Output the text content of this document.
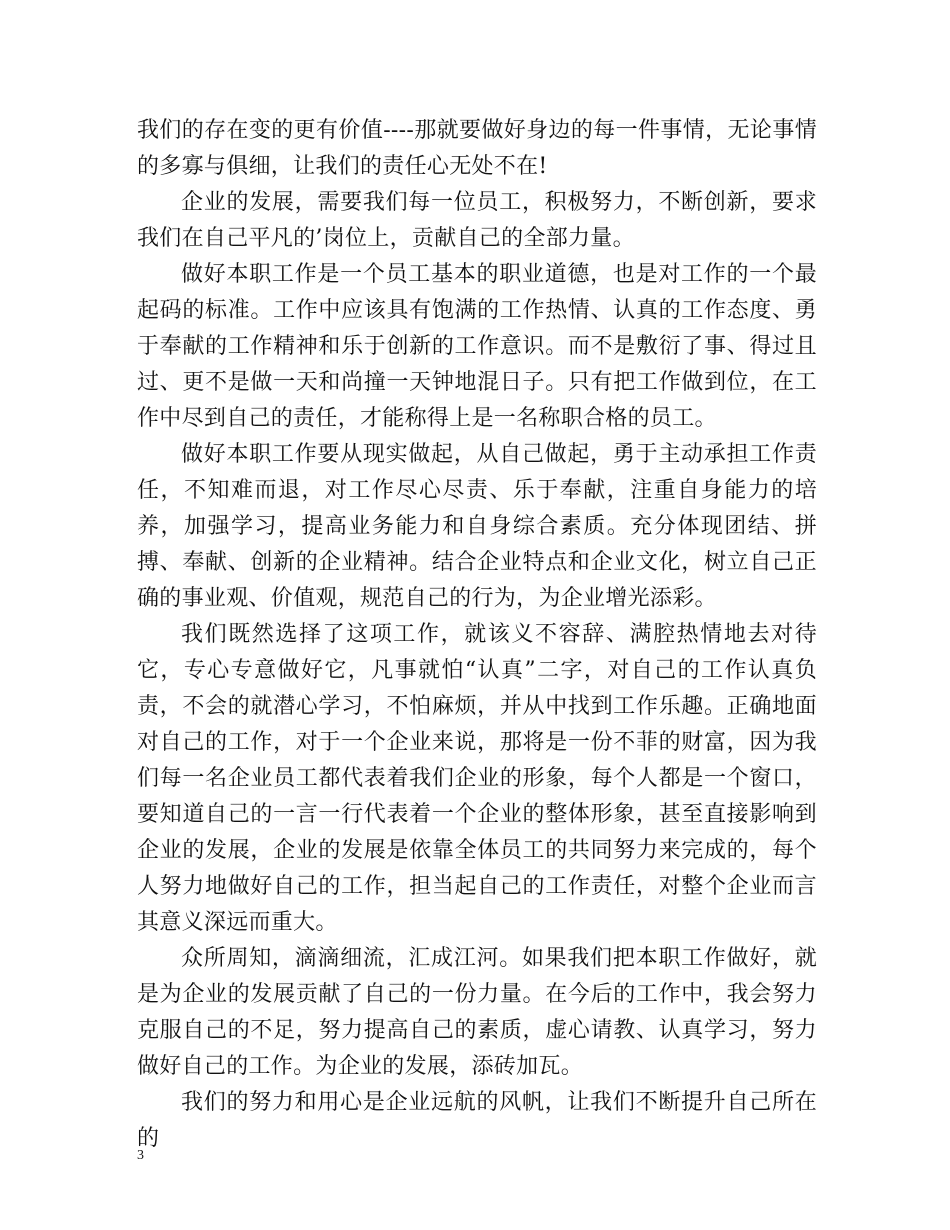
我们的存在变的更有价值----那就要做好身边的每一件事情，无论事情的多寡与俱细，让我们的责任心无处不在!

企业的发展，需要我们每一位员工，积极努力，不断创新，要求我们在自己平凡的’岗位上，贡献自己的全部力量。

做好本职工作是一个员工基本的职业道德，也是对工作的一个最起码的标准。工作中应该具有饱满的工作热情、认真的工作态度、勇于奉献的工作精神和乐于创新的工作意识。而不是敷衍了事、得过且过、更不是做一天和尚撞一天钟地混日子。只有把工作做到位，在工作中尽到自己的责任，才能称得上是一名称职合格的员工。

做好本职工作要从现实做起，从自己做起，勇于主动承担工作责任，不知难而退，对工作尽心尽责、乐于奉献，注重自身能力的培养，加强学习，提高业务能力和自身综合素质。充分体现团结、拼搏、奉献、创新的企业精神。结合企业特点和企业文化，树立自己正确的事业观、价值观，规范自己的行为，为企业增光添彩。

我们既然选择了这项工作，就该义不容辞、满腔热情地去对待它，专心专意做好它，凡事就怕“认真”二字，对自己的工作认真负责，不会的就潜心学习，不怕麻烦，并从中找到工作乐趣。正确地面对自己的工作，对于一个企业来说，那将是一份不菲的财富，因为我们每一名企业员工都代表着我们企业的形象，每个人都是一个窗口，要知道自己的一言一行代表着一个企业的整体形象，甚至直接影响到企业的发展，企业的发展是依靠全体员工的共同努力来完成的，每个人努力地做好自己的工作，担当起自己的工作责任，对整个企业而言其意义深远而重大。

众所周知，滴滴细流，汇成江河。如果我们把本职工作做好，就是为企业的发展贡献了自己的一份力量。在今后的工作中，我会努力克服自己的不足，努力提高自己的素质，虚心请教、认真学习，努力做好自己的工作。为企业的发展，添砖加瓦。

我们的努力和用心是企业远航的风帆，让我们不断提升自己所在的

3
